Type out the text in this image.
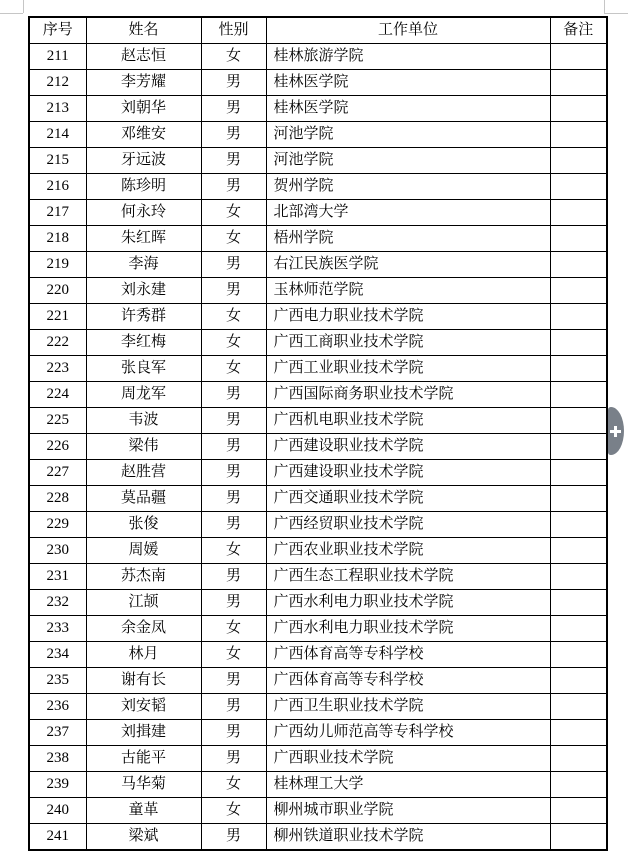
序号	姓名	性别	工作单位	备注
211	赵志恒	女	桂林旅游学院	
212	李芳耀	男	桂林医学院	
213	刘朝华	男	桂林医学院	
214	邓维安	男	河池学院	
215	牙远波	男	河池学院	
216	陈珍明	男	贺州学院	
217	何永玲	女	北部湾大学	
218	朱红晖	女	梧州学院	
219	李海	男	右江民族医学院	
220	刘永建	男	玉林师范学院	
221	许秀群	女	广西电力职业技术学院	
222	李红梅	女	广西工商职业技术学院	
223	张良军	女	广西工业职业技术学院	
224	周龙军	男	广西国际商务职业技术学院	
225	韦波	男	广西机电职业技术学院	
226	梁伟	男	广西建设职业技术学院	
227	赵胜营	男	广西建设职业技术学院	
228	莫品疆	男	广西交通职业技术学院	
229	张俊	男	广西经贸职业技术学院	
230	周媛	女	广西农业职业技术学院	
231	苏杰南	男	广西生态工程职业技术学院	
232	江颉	男	广西水利电力职业技术学院	
233	余金凤	女	广西水利电力职业技术学院	
234	林月	女	广西体育高等专科学校	
235	谢有长	男	广西体育高等专科学校	
236	刘安韬	男	广西卫生职业技术学院	
237	刘揖建	男	广西幼儿师范高等专科学校	
238	古能平	男	广西职业技术学院	
239	马华菊	女	桂林理工大学	
240	童革	女	柳州城市职业学院	
241	梁斌	男	柳州铁道职业技术学院	
